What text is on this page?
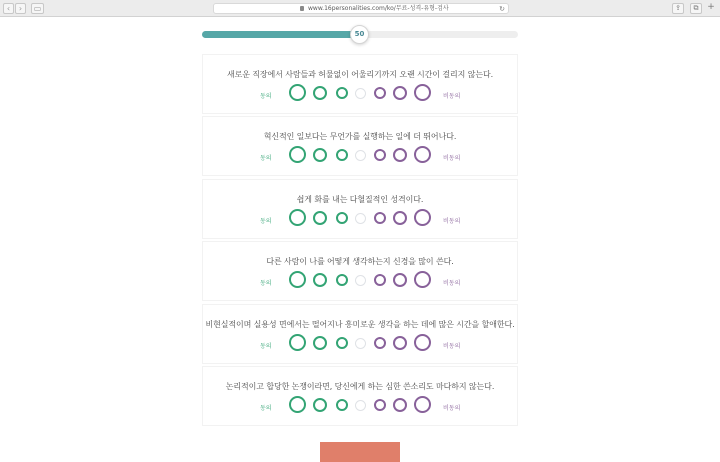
‹	›	▭	www.16personalities.com/ko/무료-성격-유형-검사	↻	⇪	⧉ +
50
새로운 직장에서 사람들과 허물없이 어울리기까지 오랜 시간이 걸리지 않는다.
동의	비동의
혁신적인 일보다는 무언가를 실행하는 일에 더 뛰어나다.
동의	비동의
쉽게 화를 내는 다혈질적인 성격이다.
동의	비동의
다른 사람이 나를 어떻게 생각하는지 신경을 많이 쓴다.
동의	비동의
비현실적이며 실용성 면에서는 떨어지나 흥미로운 생각을 하는 데에 많은 시간을 할애한다.
동의	비동의
논리적이고 합당한 논쟁이라면, 당신에게 하는 심한 쓴소리도 마다하지 않는다.
동의	비동의
